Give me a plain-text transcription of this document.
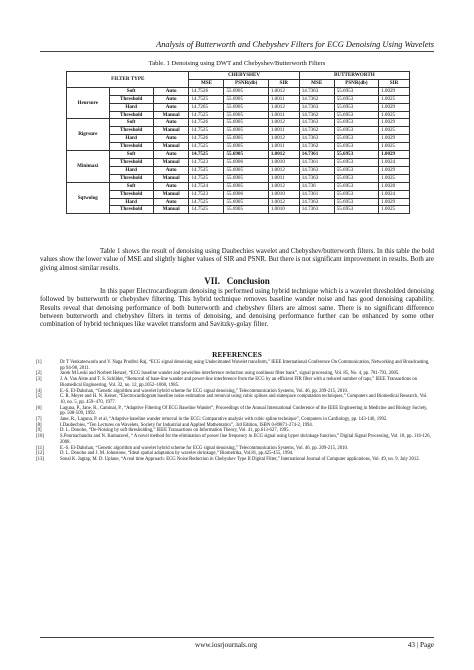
Analysis of Butterworth and Chebyshev Filters for ECG Denoising Using Wavelets
Table. 1 Denoising using DWT and Chebyshev/Butterworth Filters
FILTER TYPE			CHEBYSHEV			BUTTERWORTH		
			MSE	PSNR(db)	SIR	MSE	PSNR(db)	SIR
Heursure	Soft	Auto	14.7526	55.6905	1.0012	14.7363	55.6953	1.0029
	Threshold	Auto	14.7525	55.6905	1.0011	14.7362	55.6953	1.0025
	Hard	Auto	14.7265	55.6905	1.0012	14.7363	55.6953	1.0029
	Threshold	Manual	14.7525	55.6905	1.0011	14.7362	55.6953	1.0025
Rigrsure	Soft	Auto	14.7526	55.6905	1.0012	14.7363	55.6953	1.0029
	Threshold	Manual	14.7525	55.6905	1.0011	14.7362	55.6953	1.0025
	Hard	Auto	14.7526	55.6905	1.0012	14.7363	55.6953	1.0029
	Threshold	Manual	14.7525	55.6905	1.0011	14.7362	55.6953	1.0025
Minimaxi	Soft	Auto	14.7525	55.6905	1.0012	14.7361	55.6953	1.0029
	Threshold	Manual	14.7523	55.6906	1.0010	14.7361	55.6953	1.0024
	Hard	Auto	14.7525	55.6905	1.0012	14.7363	55.6953	1.0029
	Threshold	Manual	14.7525	55.6905	1.0011	14.7363	55.6953	1.0025
Sqtwolog	Soft	Auto	14.7524	55.6905	1.0012	14.736	55.6953	1.0028
	Threshold	Manual	14.7523	55.6906	1.0010	14.7361	55.6953	1.0024
	Hard	Auto	14.7525	55.6905	1.0012	14.7363	55.6953	1.0029
	Threshold	Manual	14.7525	55.6905	1.0010	14.7363	55.6953	1.0025
Table 1 shows the result of denoising using Daubechies wavelet and Chebyshev/butterworth filters. In this table the bold values show the lower value of MSE and slightly higher values of SIR and PSNR. But there is not significant improvement in results. Both are giving almost similar results.
VII. Conclusion
In this paper Electrocardiogram denoising is performed using hybrid technique which is a wavelet thresholded denoising followed by butterworth or chebyshev filtering. This hybrid technique removes baseline wander noise and has good denoising capability. Results reveal that denoising performance of both butterworth and chebyshev filters are almost same. There is no significant difference between butterworth and chebyshev filters in terms of denoising, and denoising performance further can be enhanced by some other combination of hybrid techniques like wavelet transform and Savitzky-golay filter.
REFERENCES
[1]	Dr T Venkateswarlu and V. Naga Prudhvi Raj, “ECG signal denoising using Undecimated Wavelet transform,” IEEE International Conference On Communication, Networking and Broadcasting, pp 94-98, 2011.
[2]	Jacek M Leski and Norbert Henzel, “ECG baseline wander and powerline interference reduction using nonlinear filter bank”, signal processing, Vol. 85, No. 4, pp. 781-793, 2005.
[3]	J. A. Van Alste and T. S. Schilder, “Removal of base-line wander and power-line interference from the ECG by an efficient FIR filter with a reduced number of taps,” IEEE Transactions on Biomedical Engineering, Vol. 32, no. 12, pp.1052–1060, 1985.
[4]	E.-S. El-Dahshan, “Genetic algorithm and wavelet hybrid scheme for ECG signal denoising,” Telecommunication Systems, Vol. 46, pp. 209-215, 2010.
[5]	C. R. Meyer and H. N. Keiser, “Electrocardiogram baseline noise estimation and removal using cubic splines and statespace computation techniques,” Computers and Biomedical Research, Vol. 10, no. 5, pp. 459–470, 1977.
[6]	Laguna, P., Jane, R., Caminal, P., “Adaptive Filtering Of ECG Baseline Wander”, Proceedings of the Annual International Conference of the IEEE Engineering in Medicine and Biology Society, pp. 508-509, 1992.
[7]	Jane, R., Laguna, P. et al, “Adaptive baseline wander removal in the ECG: Comparative analysis with cubic spline technique”, Computers in Cardiology, pp. 143-146, 1992.
[8]	I.Daubechies, “Ten Lectures on Wavelets, Society for Industrial and Applied Mathematics”, 3rd Edition, ISBN 0-89871-274-2, 1994.
[9]	D. L. Donoho, “De-Noising by soft thresholding,” IEEE Transactions on Information Theory, Vol. 41, pp.613-627, 1995.
[10]	S.Poornachandra and N. Kumaravel, “ A novel method for the elimination of power line frequency in ECG signal using hyper shrinkage function,” Digital Signal Processing, Vol. 18, pp. 116-126, 2008.
[11]	E.-S. El-Dahshan, “Genetic algorithm and wavelet hybrid scheme for ECG signal denoising,” Telecommunication Systems, Vol. 46, pp. 209-215, 2010.
[12]	D. L. Donoho and J. M. Johnstone, “Ideal spatial adaptation by wavelet shrinkage,” Biometrika, Vol.81, pp.425-455, 1994.
[13]	Sonal K. Jagtap, M. D. Uplane, “A real time Approach: ECG Noise Reduction in Chebyshev Type II Digital Filter,” International Journal of Computer applications, Vol. 49, no. 9, July 2012.
www.iosrjournals.org	43 | Page
